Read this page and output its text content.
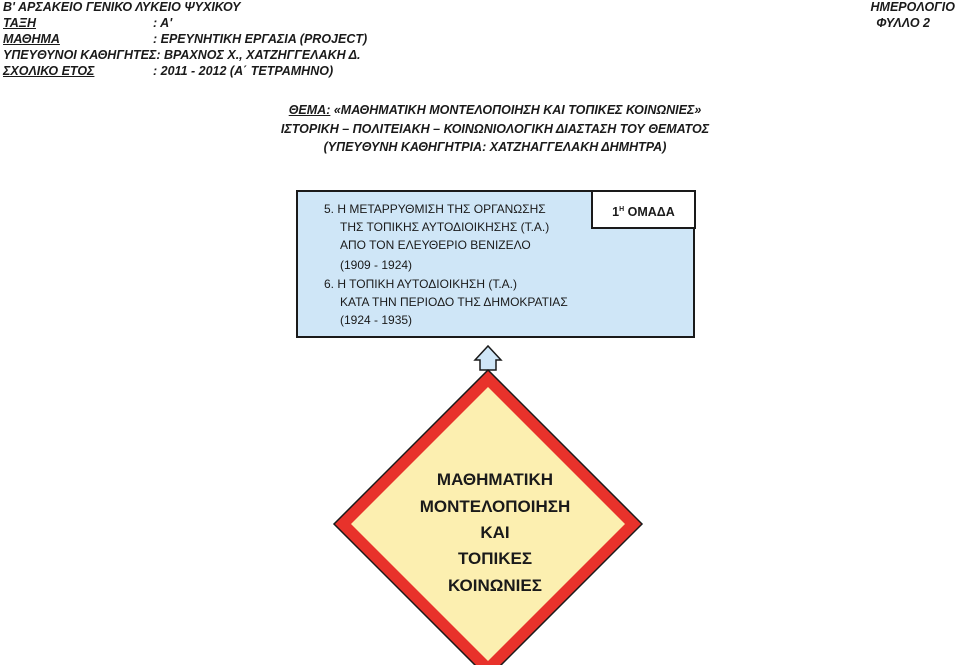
Β' ΑΡΣΑΚΕΙΟ ΓΕΝΙΚΟ ΛΥΚΕΙΟ ΨΥΧΙΚΟΥ
ΤΑΞΗ	: A'
ΜΑΘΗΜΑ	: ΕΡΕΥΝΗΤΙΚΗ ΕΡΓΑΣΙΑ (PROJECT)
ΥΠΕΥΘΥΝΟΙ ΚΑΘΗΓΗΤΕΣ: ΒΡΑΧΝΟΣ Χ., ΧΑΤΖΗΓΓΕΛΑΚΗ Δ.
ΣΧΟΛΙΚΟ ΕΤΟΣ	: 2011 - 2012 (Α΄ ΤΕΤΡΑΜΗΝΟ)
ΗΜΕΡΟΛΟΓΙΟ
ΦΥΛΛΟ 2
ΘΕΜΑ: «ΜΑΘΗΜΑΤΙΚΗ ΜΟΝΤΕΛΟΠΟΙΗΣΗ ΚΑΙ ΤΟΠΙΚΕΣ ΚΟΙΝΩΝΙΕΣ»
ΙΣΤΟΡΙΚΗ – ΠΟΛΙΤΕΙΑΚΗ – ΚΟΙΝΩΝΙΟΛΟΓΙΚΗ ΔΙΑΣΤΑΣΗ ΤΟΥ ΘΕΜΑΤΟΣ
(ΥΠΕΥΘΥΝΗ ΚΑΘΗΓΗΤΡΙΑ: ΧΑΤΖΗΑΓΓΕΛΑΚΗ ΔΗΜΗΤΡΑ)
5. Η ΜΕΤΑΡΡΥΘΜΙΣΗ ΤΗΣ ΟΡΓΑΝΩΣΗΣ
ΤΗΣ ΤΟΠΙΚΗΣ ΑΥΤΟΔΙΟΙΚΗΣΗΣ (Τ.Α.)
ΑΠΟ ΤΟΝ ΕΛΕΥΘΕΡΙΟ ΒΕΝΙΖΕΛΟ
(1909 - 1924)
6. Η ΤΟΠΙΚΗ ΑΥΤΟΔΙΟΙΚΗΣΗ (Τ.Α.)
ΚΑΤΑ ΤΗΝ ΠΕΡΙΟΔΟ ΤΗΣ ΔΗΜΟΚΡΑΤΙΑΣ
(1924 - 1935)
$1^H$ ΟΜΑΔΑ
ΜΑΘΗΜΑΤΙΚΗ
ΜΟΝΤΕΛΟΠΟΙΗΣΗ
ΚΑΙ
ΤΟΠΙΚΕΣ
ΚΟΙΝΩΝΙΕΣ
